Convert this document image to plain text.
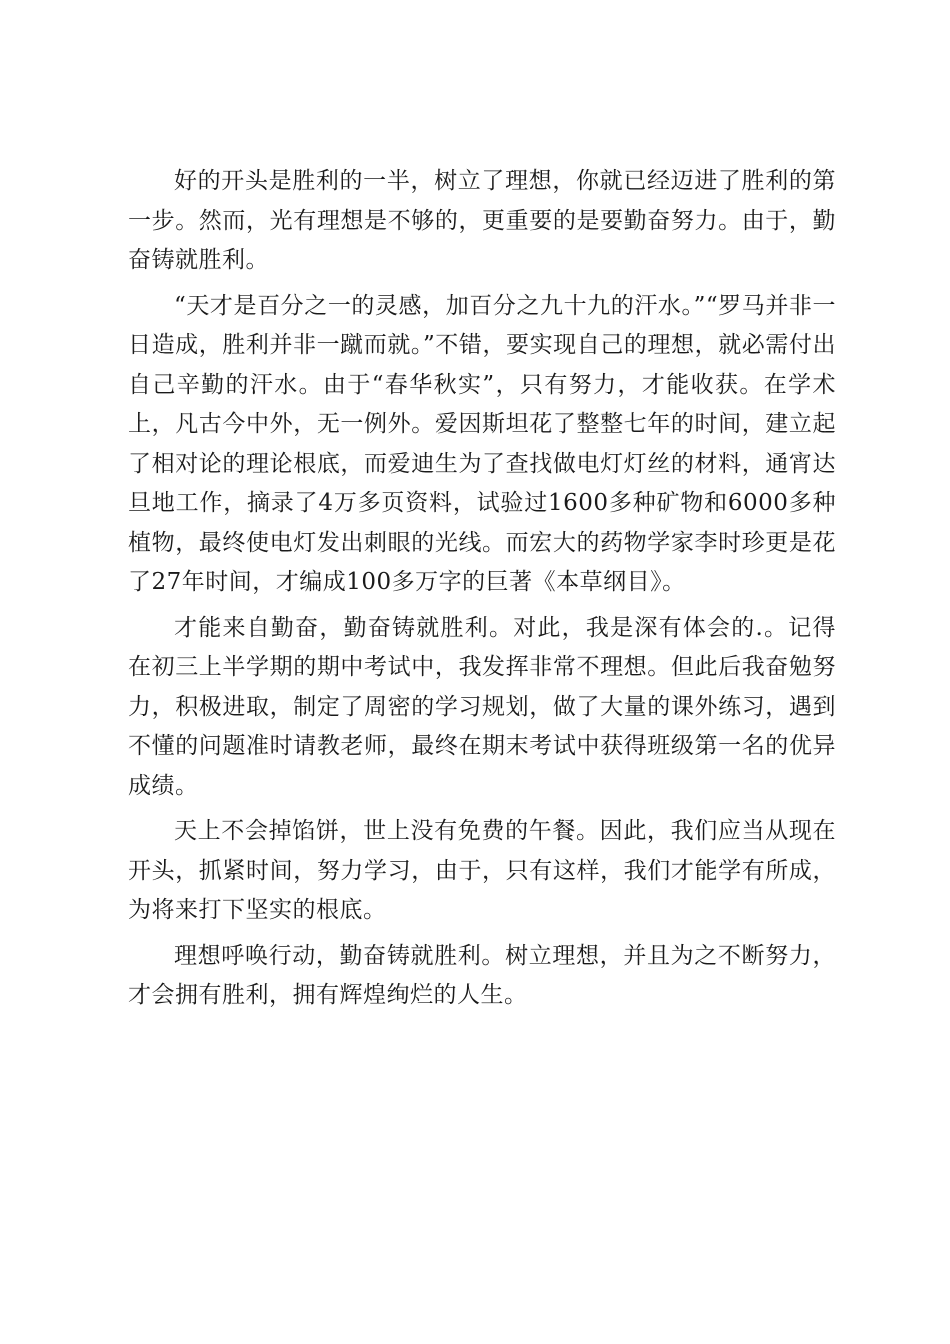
好的开头是胜利的一半，树立了理想，你就已经迈进了胜利的第一步。然而，光有理想是不够的，更重要的是要勤奋努力。由于，勤奋铸就胜利。

“天才是百分之一的灵感，加百分之九十九的汗水。”“罗马并非一日造成，胜利并非一蹴而就。”不错，要实现自己的理想，就必需付出自己辛勤的汗水。由于“春华秋实”，只有努力，才能收获。在学术上，凡古今中外，无一例外。爱因斯坦花了整整七年的时间，建立起了相对论的理论根底，而爱迪生为了查找做电灯灯丝的材料，通宵达旦地工作，摘录了4万多页资料，试验过1600多种矿物和6000多种植物，最终使电灯发出刺眼的光线。而宏大的药物学家李时珍更是花了27年时间，才编成100多万字的巨著《本草纲目》。

才能来自勤奋，勤奋铸就胜利。对此，我是深有体会的.。记得在初三上半学期的期中考试中，我发挥非常不理想。但此后我奋勉努力，积极进取，制定了周密的学习规划，做了大量的课外练习，遇到不懂的问题准时请教老师，最终在期末考试中获得班级第一名的优异成绩。

天上不会掉馅饼，世上没有免费的午餐。因此，我们应当从现在开头，抓紧时间，努力学习，由于，只有这样，我们才能学有所成，为将来打下坚实的根底。

理想呼唤行动，勤奋铸就胜利。树立理想，并且为之不断努力，才会拥有胜利，拥有辉煌绚烂的人生。
